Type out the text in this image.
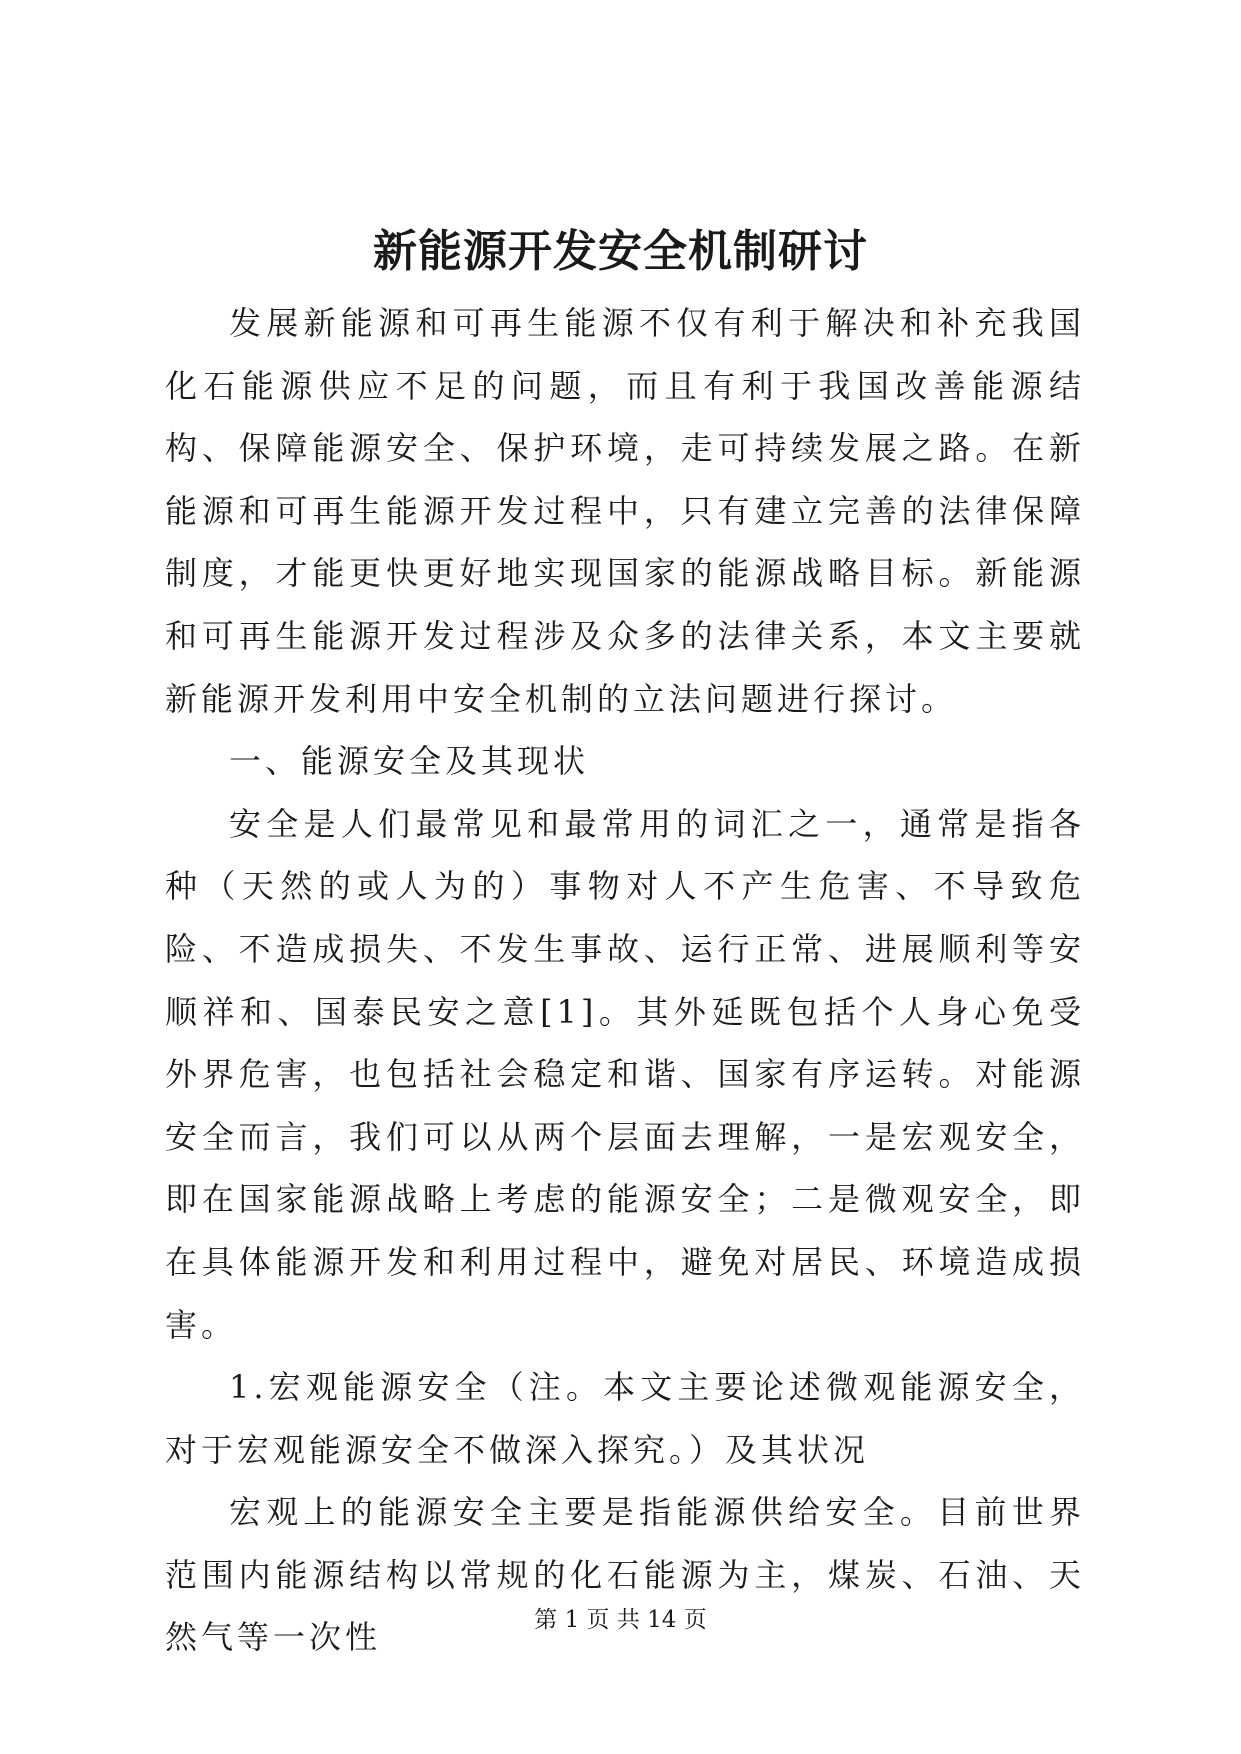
新能源开发安全机制研讨

发展新能源和可再生能源不仅有利于解决和补充我国化石能源供应不足的问题，而且有利于我国改善能源结构、保障能源安全、保护环境，走可持续发展之路。在新能源和可再生能源开发过程中，只有建立完善的法律保障制度，才能更快更好地实现国家的能源战略目标。新能源和可再生能源开发过程涉及众多的法律关系，本文主要就新能源开发利用中安全机制的立法问题进行探讨。

一、能源安全及其现状

安全是人们最常见和最常用的词汇之一，通常是指各种（天然的或人为的）事物对人不产生危害、不导致危险、不造成损失、不发生事故、运行正常、进展顺利等安顺祥和、国泰民安之意[1]。其外延既包括个人身心免受外界危害，也包括社会稳定和谐、国家有序运转。对能源安全而言，我们可以从两个层面去理解，一是宏观安全，即在国家能源战略上考虑的能源安全；二是微观安全，即在具体能源开发和利用过程中，避免对居民、环境造成损害。

1.宏观能源安全（注。本文主要论述微观能源安全，对于宏观能源安全不做深入探究。）及其状况

宏观上的能源安全主要是指能源供给安全。目前世界范围内能源结构以常规的化石能源为主，煤炭、石油、天然气等一次性	第 1 页 共 14 页
